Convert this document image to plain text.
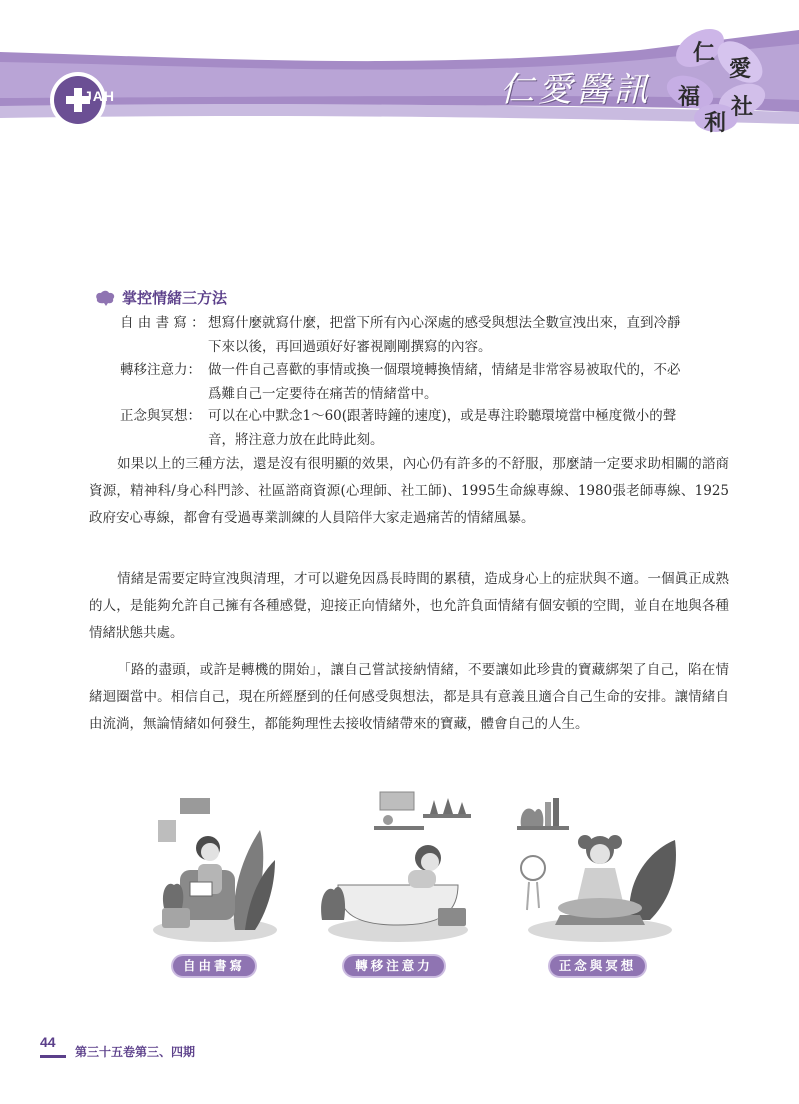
JAH	仁愛醫訊
仁
愛
福 社
利
掌控情緒三方法
自 由 書 寫 ： 想寫什麼就寫什麼，把當下所有內心深處的感受與想法全數宣洩出來，直到冷靜
下來以後，再回過頭好好審視剛剛撰寫的內容。
轉移注意力： 做一件自己喜歡的事情或換一個環境轉換情緒，情緒是非常容易被取代的，不必
爲難自己一定要待在痛苦的情緒當中。
正念與冥想： 可以在心中默念1～60(跟著時鐘的速度)，或是專注聆聽環境當中極度微小的聲
音，將注意力放在此時此刻。
如果以上的三種方法，還是沒有很明顯的效果，內心仍有許多的不舒服，那麼請一定要求助相關的諮商資源，精神科/身心科門診、社區諮商資源(心理師、社工師)、1995生命線專線、1980張老師專線、1925政府安心專線，都會有受過專業訓練的人員陪伴大家走過痛苦的情緒風暴。
情緒是需要定時宣洩與清理，才可以避免因爲長時間的累積，造成身心上的症狀與不適。一個眞正成熟的人，是能夠允許自己擁有各種感覺，迎接正向情緒外，也允許負面情緒有個安頓的空間，並自在地與各種情緒狀態共處。
「路的盡頭，或許是轉機的開始」，讓自己嘗試接納情緒，不要讓如此珍貴的寶藏綁架了自己，陷在情緒迴圈當中。相信自己，現在所經歷到的任何感受與想法，都是具有意義且適合自己生命的安排。讓情緒自由流淌，無論情緒如何發生，都能夠理性去接收情緒帶來的寶藏，體會自己的人生。
自由書寫	轉移注意力	正念與冥想
44
第三十五卷第三、四期
